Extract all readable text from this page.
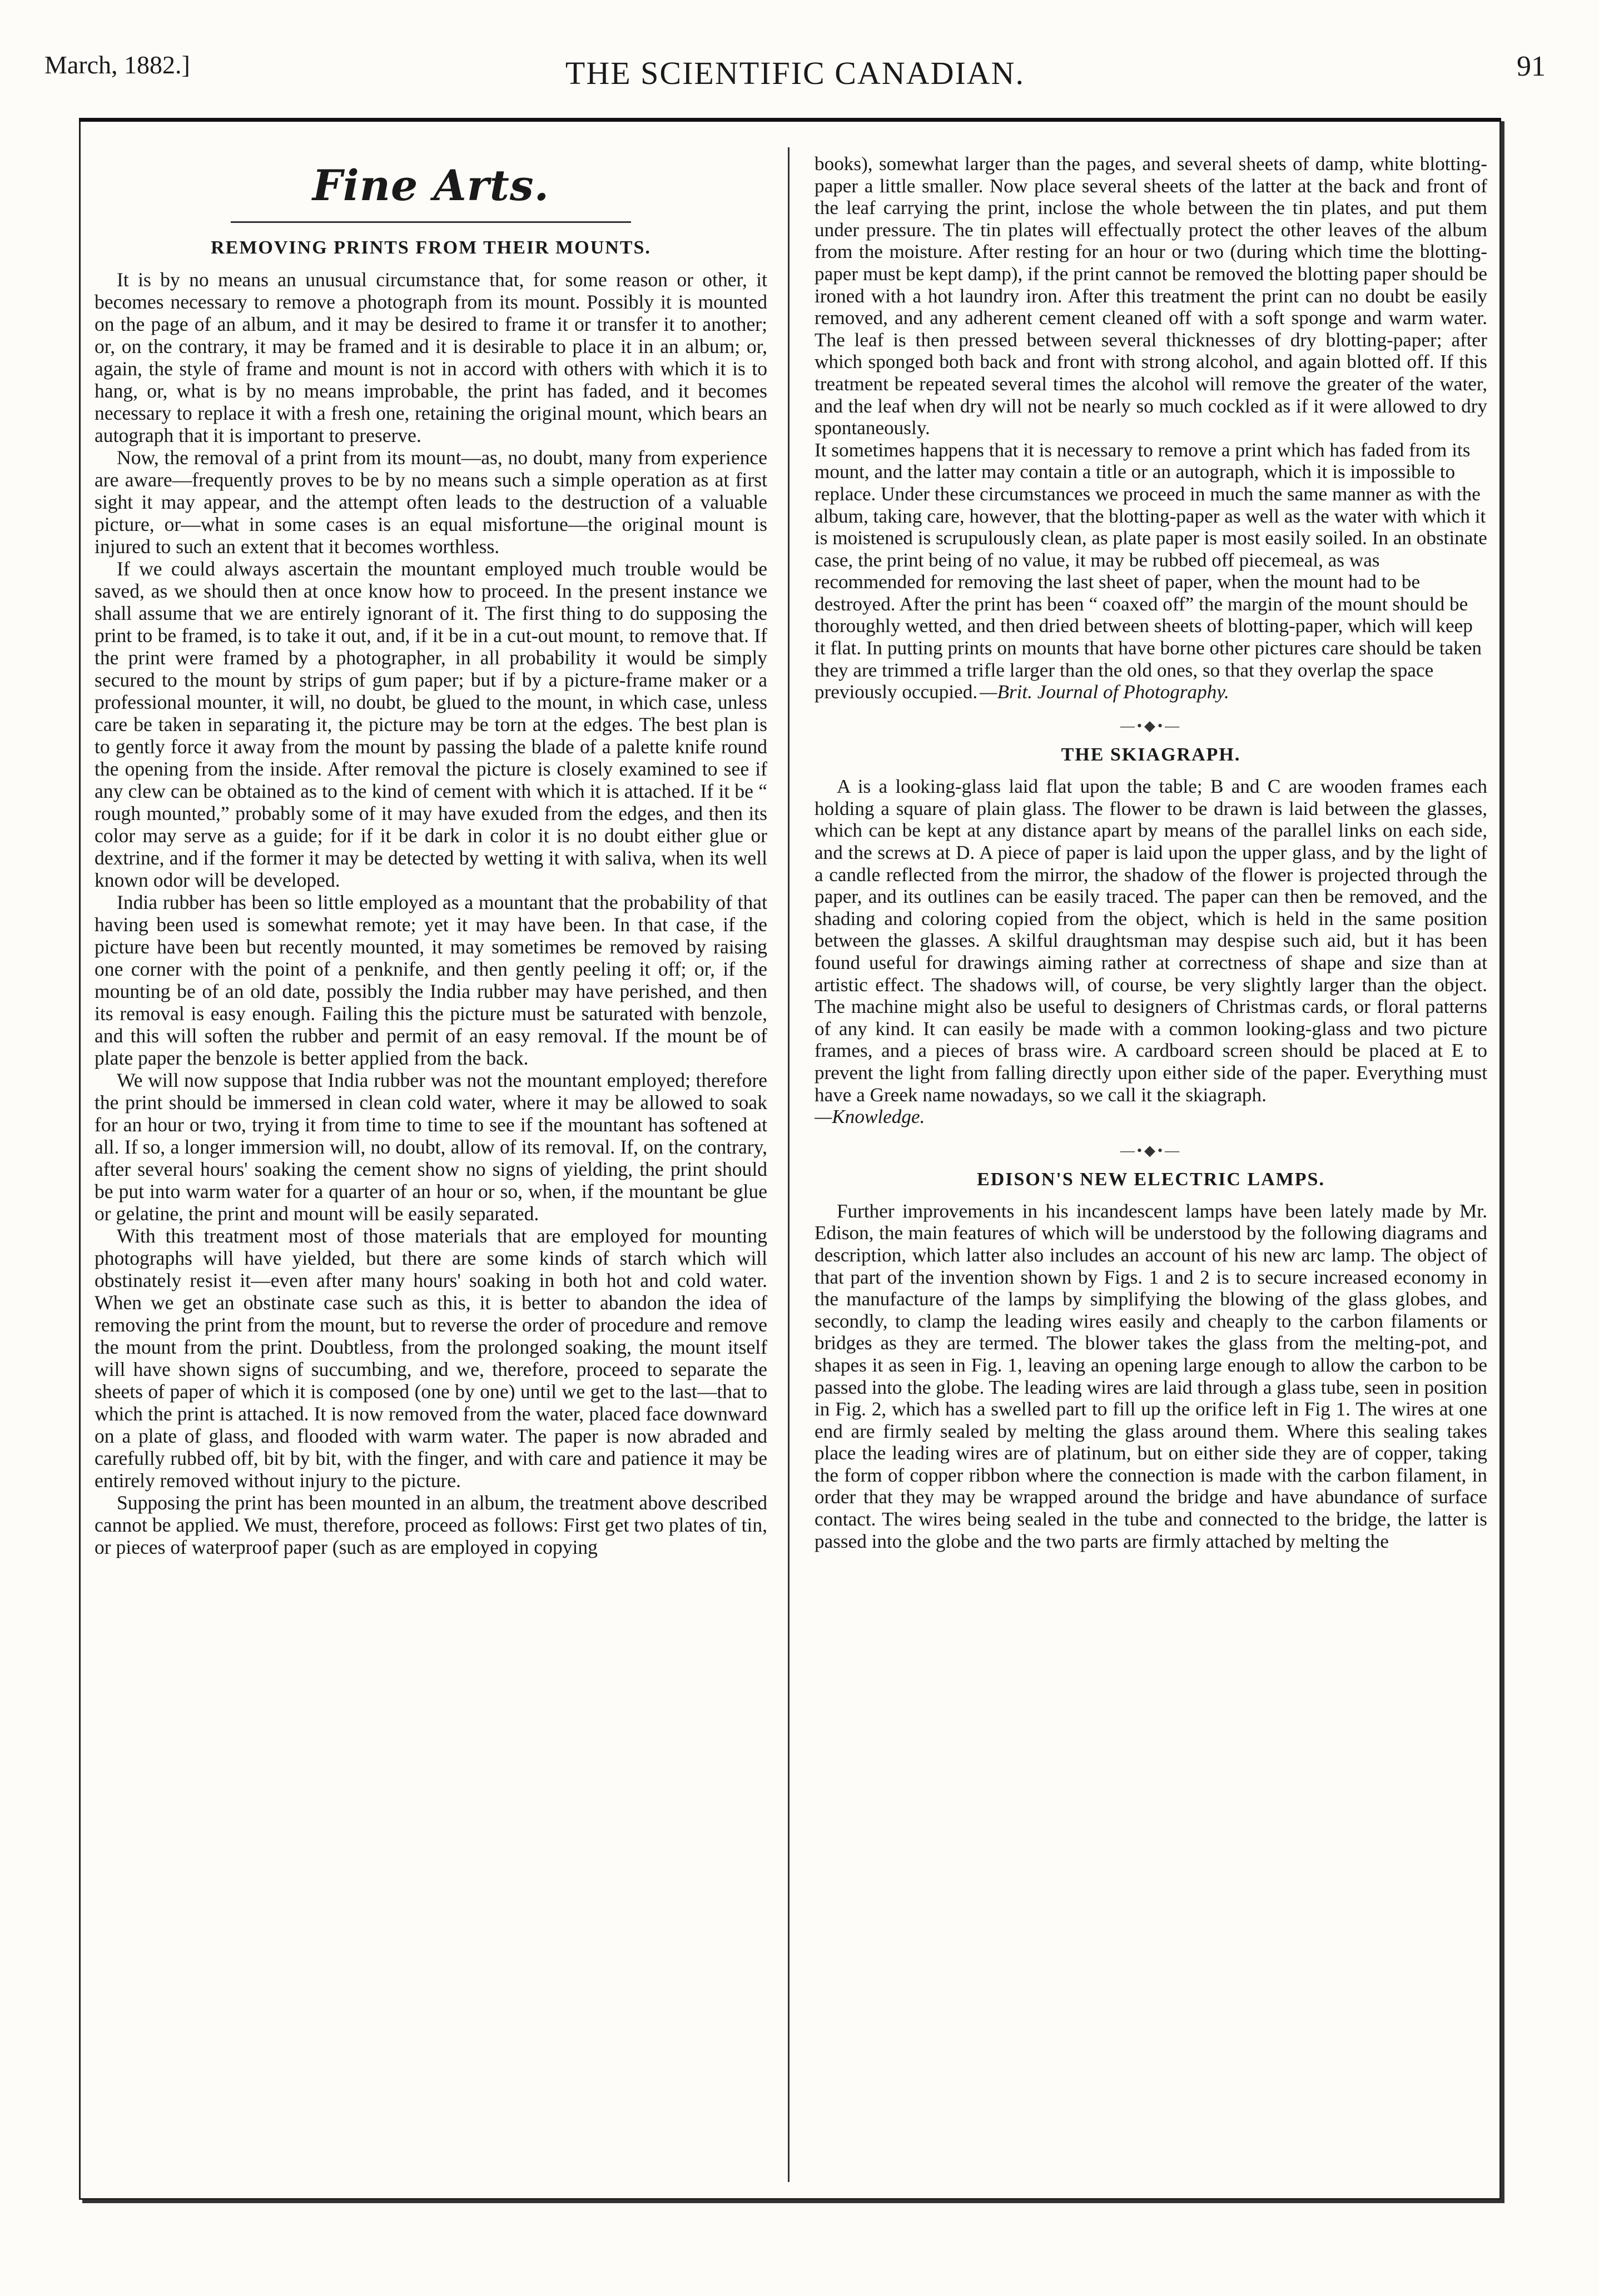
March, 1882.]	THE SCIENTIFIC CANADIAN.	91
Fine Arts.
REMOVING PRINTS FROM THEIR MOUNTS.

It is by no means an unusual circumstance that, for some reason or other, it becomes necessary to remove a photograph from its mount. Possibly it is mounted on the page of an album, and it may be desired to frame it or transfer it to another; or, on the contrary, it may be framed and it is desirable to place it in an album; or, again, the style of frame and mount is not in accord with others with which it is to hang, or, what is by no means improbable, the print has faded, and it becomes necessary to replace it with a fresh one, retaining the original mount, which bears an autograph that it is important to preserve.

Now, the removal of a print from its mount—as, no doubt, many from experience are aware—frequently proves to be by no means such a simple operation as at first sight it may appear, and the attempt often leads to the destruction of a valuable picture, or—what in some cases is an equal misfortune—the original mount is injured to such an extent that it becomes worthless.

If we could always ascertain the mountant employed much trouble would be saved, as we should then at once know how to proceed. In the present instance we shall assume that we are entirely ignorant of it. The first thing to do supposing the print to be framed, is to take it out, and, if it be in a cut-out mount, to remove that. If the print were framed by a photographer, in all probability it would be simply secured to the mount by strips of gum paper; but if by a picture-frame maker or a professional mounter, it will, no doubt, be glued to the mount, in which case, unless care be taken in separating it, the picture may be torn at the edges. The best plan is to gently force it away from the mount by passing the blade of a palette knife round the opening from the inside. After removal the picture is closely examined to see if any clew can be obtained as to the kind of cement with which it is attached. If it be “ rough mounted,” probably some of it may have exuded from the edges, and then its color may serve as a guide; for if it be dark in color it is no doubt either glue or dextrine, and if the former it may be detected by wetting it with saliva, when its well known odor will be developed.

India rubber has been so little employed as a mountant that the probability of that having been used is somewhat remote; yet it may have been. In that case, if the picture have been but recently mounted, it may sometimes be removed by raising one corner with the point of a penknife, and then gently peeling it off; or, if the mounting be of an old date, possibly the India rubber may have perished, and then its removal is easy enough. Failing this the picture must be saturated with benzole, and this will soften the rubber and permit of an easy removal. If the mount be of plate paper the benzole is better applied from the back.

We will now suppose that India rubber was not the mountant employed; therefore the print should be immersed in clean cold water, where it may be allowed to soak for an hour or two, trying it from time to time to see if the mountant has softened at all. If so, a longer immersion will, no doubt, allow of its removal. If, on the contrary, after several hours' soaking the cement show no signs of yielding, the print should be put into warm water for a quarter of an hour or so, when, if the mountant be glue or gelatine, the print and mount will be easily separated.

With this treatment most of those materials that are employed for mounting photographs will have yielded, but there are some kinds of starch which will obstinately resist it—even after many hours' soaking in both hot and cold water. When we get an obstinate case such as this, it is better to abandon the idea of removing the print from the mount, but to reverse the order of procedure and remove the mount from the print. Doubtless, from the prolonged soaking, the mount itself will have shown signs of succumbing, and we, therefore, proceed to separate the sheets of paper of which it is composed (one by one) until we get to the last—that to which the print is attached. It is now removed from the water, placed face downward on a plate of glass, and flooded with warm water. The paper is now abraded and carefully rubbed off, bit by bit, with the finger, and with care and patience it may be entirely removed without injury to the picture.

Supposing the print has been mounted in an album, the treatment above described cannot be applied. We must, therefore, proceed as follows: First get two plates of tin, or pieces of waterproof paper (such as are employed in copying

books), somewhat larger than the pages, and several sheets of damp, white blotting-paper a little smaller. Now place several sheets of the latter at the back and front of the leaf carrying the print, inclose the whole between the tin plates, and put them under pressure. The tin plates will effectually protect the other leaves of the album from the moisture. After resting for an hour or two (during which time the blotting-paper must be kept damp), if the print cannot be removed the blotting paper should be ironed with a hot laundry iron. After this treatment the print can no doubt be easily removed, and any adherent cement cleaned off with a soft sponge and warm water. The leaf is then pressed between several thicknesses of dry blotting-paper; after which sponged both back and front with strong alcohol, and again blotted off. If this treatment be repeated several times the alcohol will remove the greater of the water, and the leaf when dry will not be nearly so much cockled as if it were allowed to dry spontaneously.

It sometimes happens that it is necessary to remove a print which has faded from its mount, and the latter may contain a title or an autograph, which it is impossible to replace. Under these circumstances we proceed in much the same manner as with the album, taking care, however, that the blotting-paper as well as the water with which it is moistened is scrupulously clean, as plate paper is most easily soiled. In an obstinate case, the print being of no value, it may be rubbed off piecemeal, as was recommended for removing the last sheet of paper, when the mount had to be destroyed. After the print has been “ coaxed off” the margin of the mount should be thoroughly wetted, and then dried between sheets of blotting-paper, which will keep it flat. In putting prints on mounts that have borne other pictures care should be taken they are trimmed a trifle larger than the old ones, so that they overlap the space previously occupied. —Brit. Journal of Photography.
—•◆•—
THE SKIAGRAPH.

A is a looking-glass laid flat upon the table; B and C are wooden frames each holding a square of plain glass. The flower to be drawn is laid between the glasses, which can be kept at any distance apart by means of the parallel links on each side, and the screws at D. A piece of paper is laid upon the upper glass, and by the light of a candle reflected from the mirror, the shadow of the flower is projected through the paper, and its outlines can be easily traced. The paper can then be removed, and the shading and coloring copied from the object, which is held in the same position between the glasses. A skilful draughtsman may despise such aid, but it has been found useful for drawings aiming rather at correctness of shape and size than at artistic effect. The shadows will, of course, be very slightly larger than the object. The machine might also be useful to designers of Christmas cards, or floral patterns of any kind. It can easily be made with a common looking-glass and two picture frames, and a pieces of brass wire. A cardboard screen should be placed at E to prevent the light from falling directly upon either side of the paper. Everything must have a Greek name nowadays, so we call it the skiagraph.

—Knowledge.

—•◆•—
EDISON'S NEW ELECTRIC LAMPS.

Further improvements in his incandescent lamps have been lately made by Mr. Edison, the main features of which will be understood by the following diagrams and description, which latter also includes an account of his new arc lamp. The object of that part of the invention shown by Figs. 1 and 2 is to secure increased economy in the manufacture of the lamps by simplifying the blowing of the glass globes, and secondly, to clamp the leading wires easily and cheaply to the carbon filaments or bridges as they are termed. The blower takes the glass from the melting-pot, and shapes it as seen in Fig. 1, leaving an opening large enough to allow the carbon to be passed into the globe. The leading wires are laid through a glass tube, seen in position in Fig. 2, which has a swelled part to fill up the orifice left in Fig 1. The wires at one end are firmly sealed by melting the glass around them. Where this sealing takes place the leading wires are of platinum, but on either side they are of copper, taking the form of copper ribbon where the connection is made with the carbon filament, in order that they may be wrapped around the bridge and have abundance of surface contact. The wires being sealed in the tube and connected to the bridge, the latter is passed into the globe and the two parts are firmly attached by melting the
